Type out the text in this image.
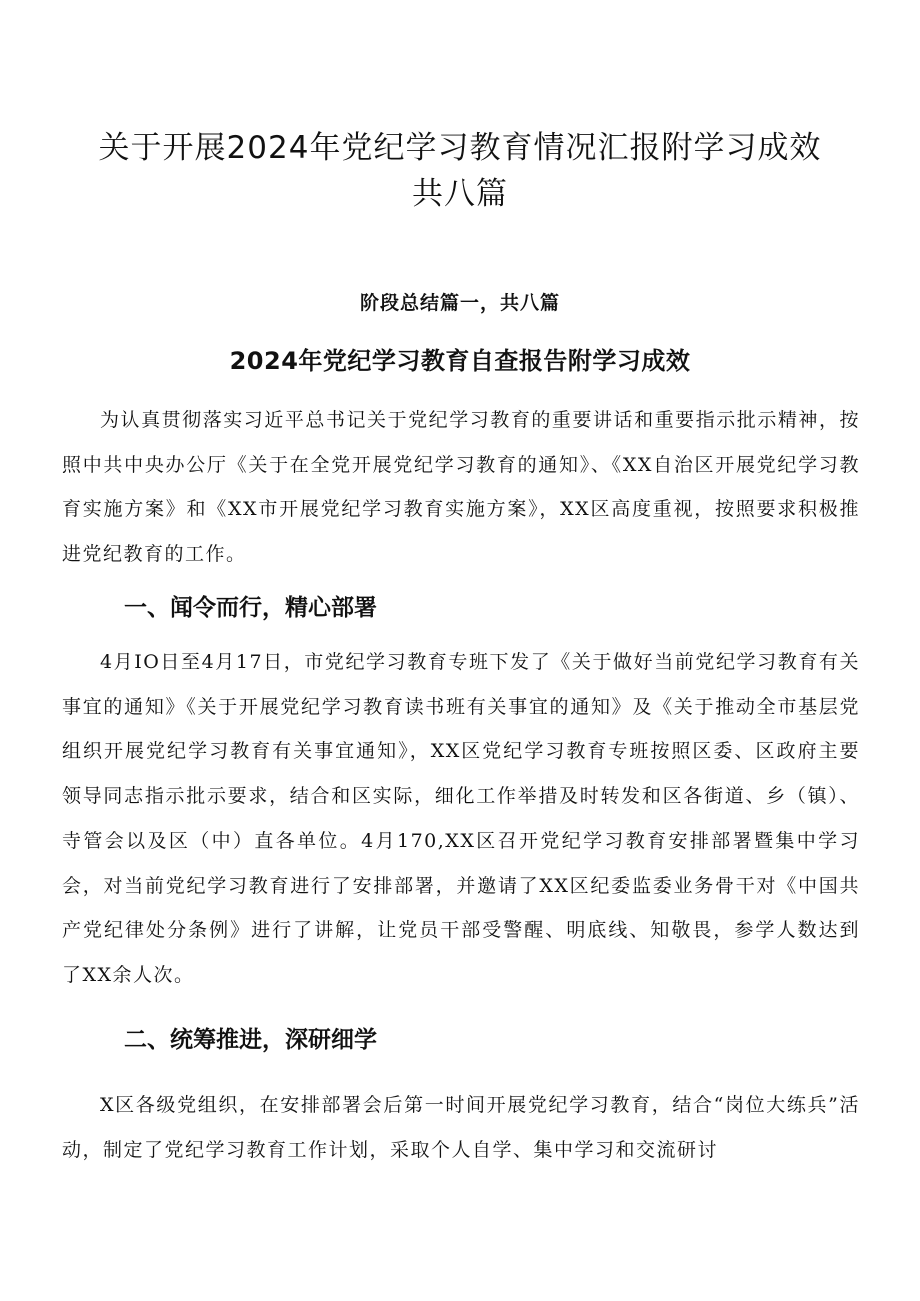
关于开展2024年党纪学习教育情况汇报附学习成效
共八篇
阶段总结篇一，共八篇
2024年党纪学习教育自查报告附学习成效

为认真贯彻落实习近平总书记关于党纪学习教育的重要讲话和重要指示批示精神，按照中共中央办公厅《关于在全党开展党纪学习教育的通知》、《XX自治区开展党纪学习教育实施方案》和《XX市开展党纪学习教育实施方案》，XX区高度重视，按照要求积极推进党纪教育的工作。

一、闻令而行，精心部署

4月IO日至4月17日，市党纪学习教育专班下发了《关于做好当前党纪学习教育有关事宜的通知》《关于开展党纪学习教育读书班有关事宜的通知》及《关于推动全市基层党组织开展党纪学习教育有关事宜通知》，XX区党纪学习教育专班按照区委、区政府主要领导同志指示批示要求，结合和区实际，细化工作举措及时转发和区各街道、乡（镇）、寺管会以及区（中）直各单位。4月170,XX区召开党纪学习教育安排部署暨集中学习会，对当前党纪学习教育进行了安排部署，并邀请了XX区纪委监委业务骨干对《中国共产党纪律处分条例》进行了讲解，让党员干部受警醒、明底线、知敬畏，参学人数达到了XX余人次。

二、统筹推进，深研细学

X区各级党组织，在安排部署会后第一时间开展党纪学习教育，结合“岗位大练兵”活动，制定了党纪学习教育工作计划，采取个人自学、集中学习和交流研讨
